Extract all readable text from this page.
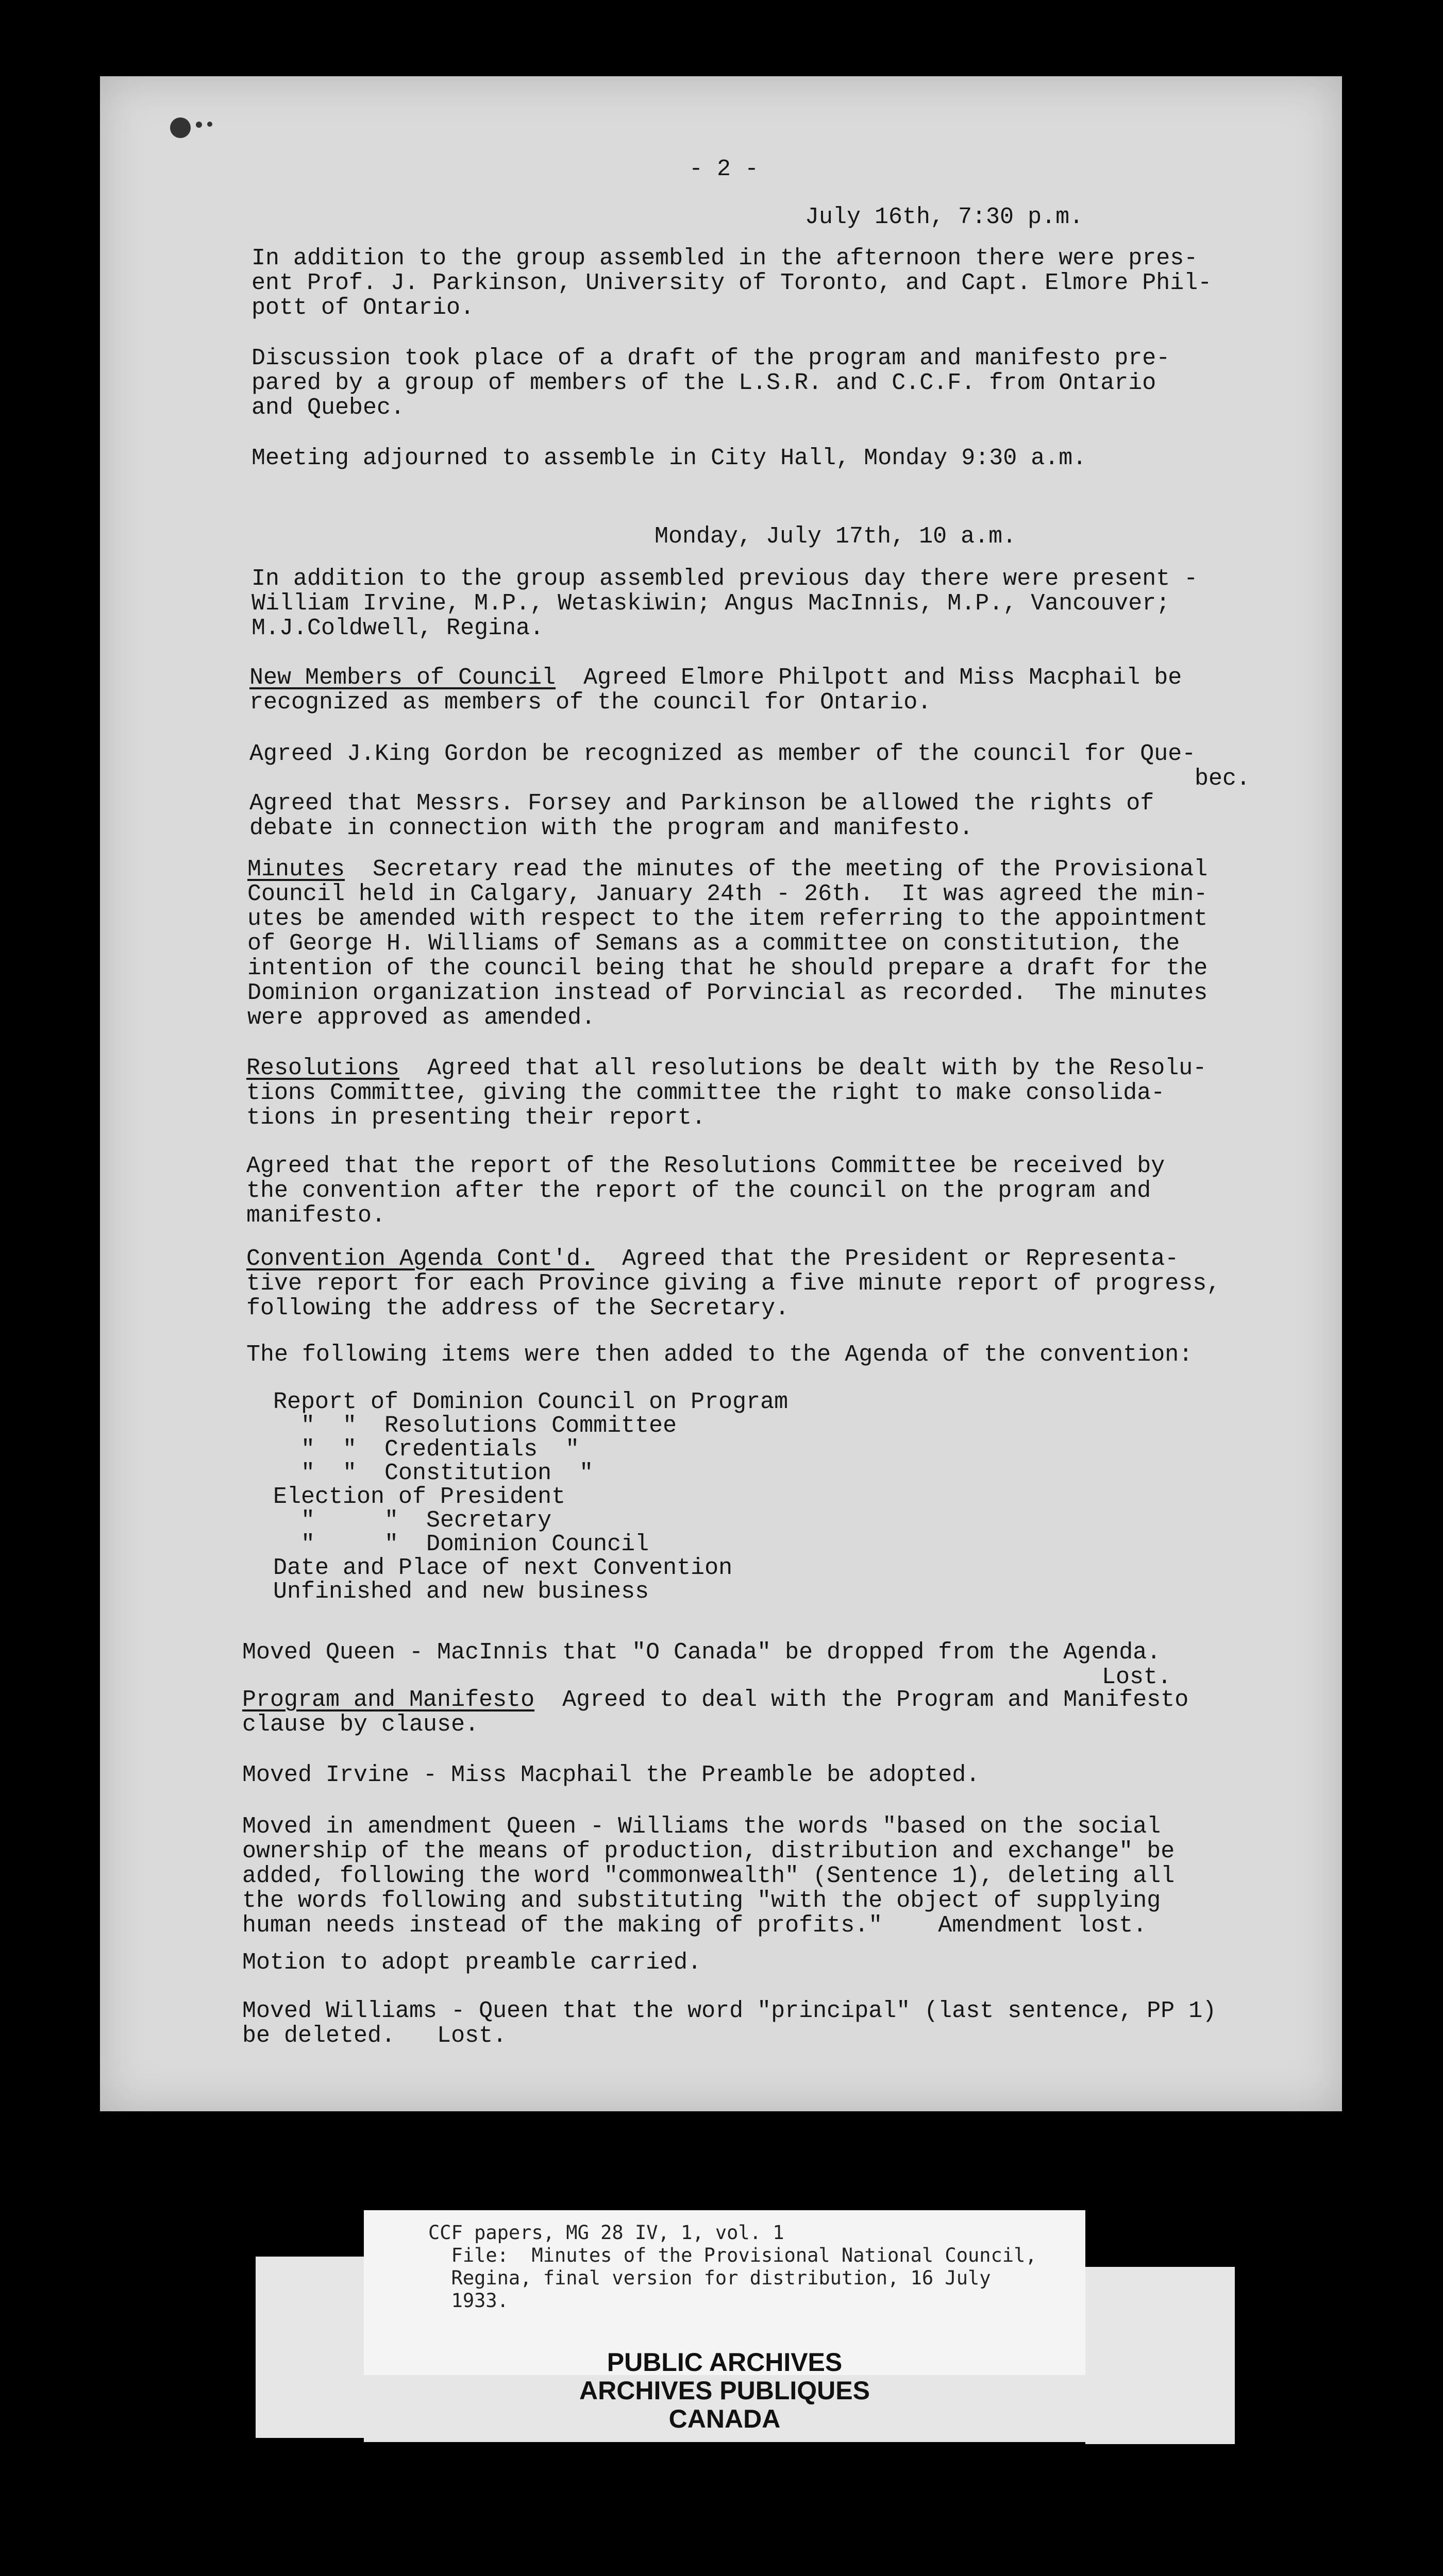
- 2 -
July 16th, 7:30 p.m.
In addition to the group assembled in the afternoon there were pres-
ent Prof. J. Parkinson, University of Toronto, and Capt. Elmore Phil-
pott of Ontario.
Discussion took place of a draft of the program and manifesto pre-
pared by a group of members of the L.S.R. and C.C.F. from Ontario
and Quebec.
Meeting adjourned to assemble in City Hall, Monday 9:30 a.m.
Monday, July 17th, 10 a.m.
In addition to the group assembled previous day there were present -
William Irvine, M.P., Wetaskiwin; Angus MacInnis, M.P., Vancouver;
M.J.Coldwell, Regina.
New Members of Council  Agreed Elmore Philpott and Miss Macphail be
recognized as members of the council for Ontario.
Agreed J.King Gordon be recognized as member of the council for Que-
bec.
Agreed that Messrs. Forsey and Parkinson be allowed the rights of
debate in connection with the program and manifesto.
Minutes  Secretary read the minutes of the meeting of the Provisional
Council held in Calgary, January 24th - 26th.  It was agreed the min-
utes be amended with respect to the item referring to the appointment
of George H. Williams of Semans as a committee on constitution, the
intention of the council being that he should prepare a draft for the
Dominion organization instead of Porvincial as recorded.  The minutes
were approved as amended.
Resolutions  Agreed that all resolutions be dealt with by the Resolu-
tions Committee, giving the committee the right to make consolida-
tions in presenting their report.
Agreed that the report of the Resolutions Committee be received by
the convention after the report of the council on the program and
manifesto.
Convention Agenda Cont'd.  Agreed that the President or Representa-
tive report for each Province giving a five minute report of progress,
following the address of the Secretary.
The following items were then added to the Agenda of the convention:
Report of Dominion Council on Program
"  "  Resolutions Committee
"  "  Credentials  "
"  "  Constitution  "
Election of President
"     "  Secretary
"     "  Dominion Council
Date and Place of next Convention
Unfinished and new business
Moved Queen - MacInnis that "O Canada" be dropped from the Agenda.
Lost.
Program and Manifesto  Agreed to deal with the Program and Manifesto
clause by clause.
Moved Irvine - Miss Macphail the Preamble be adopted.
Moved in amendment Queen - Williams the words "based on the social
ownership of the means of production, distribution and exchange" be
added, following the word "commonwealth" (Sentence 1), deleting all
the words following and substituting "with the object of supplying
human needs instead of the making of profits."    Amendment lost.
Motion to adopt preamble carried.
Moved Williams - Queen that the word "principal" (last sentence, PP 1)
be deleted.   Lost.
CCF papers, MG 28 IV, 1, vol. 1
File:  Minutes of the Provisional National Council,
Regina, final version for distribution, 16 July
1933.
PUBLIC ARCHIVES
ARCHIVES PUBLIQUES
CANADA
